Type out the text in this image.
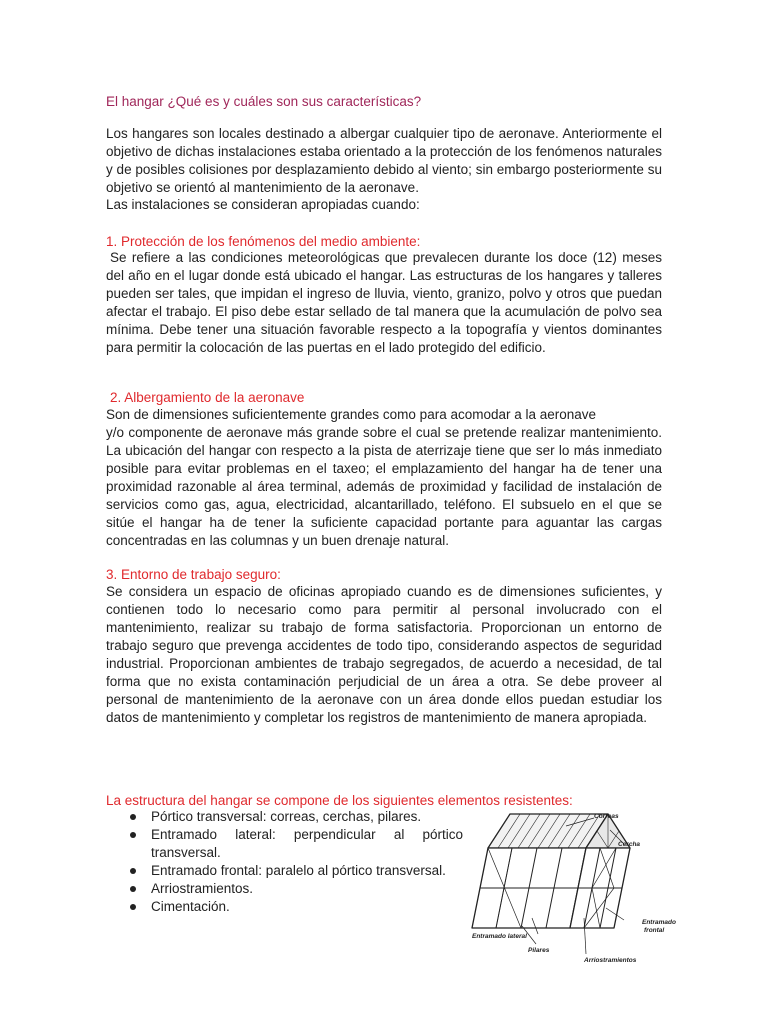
El hangar ¿Qué es y cuáles son sus características?

Los hangares son locales destinado a albergar cualquier tipo de aeronave. Anteriormente el objetivo de dichas instalaciones estaba orientado a la protección de los fenómenos naturales y de posibles colisiones por desplazamiento debido al viento; sin embargo posteriormente su objetivo se orientó al mantenimiento de la aeronave.

Las instalaciones se consideran apropiadas cuando:

1. Protección de los fenómenos del medio ambiente:

Se refiere a las condiciones meteorológicas que prevalecen durante los doce (12) meses del año en el lugar donde está ubicado el hangar. Las estructuras de los hangares y talleres pueden ser tales, que impidan el ingreso de lluvia, viento, granizo, polvo y otros que puedan afectar el trabajo. El piso debe estar sellado de tal manera que la acumulación de polvo sea mínima. Debe tener una situación favorable respecto a la topografía y vientos dominantes para permitir la colocación de las puertas en el lado protegido del edificio.

2. Albergamiento de la aeronave

Son de dimensiones suficientemente grandes como para acomodar a la aeronave

y/o componente de aeronave más grande sobre el cual se pretende realizar mantenimiento. La ubicación del hangar con respecto a la pista de aterrizaje tiene que ser lo más inmediato posible para evitar problemas en el taxeo; el emplazamiento del hangar ha de tener una proximidad razonable al área terminal, además de proximidad y facilidad de instalación de servicios como gas, agua, electricidad, alcantarillado, teléfono. El subsuelo en el que se sitúe el hangar ha de tener la suficiente capacidad portante para aguantar las cargas concentradas en las columnas y un buen drenaje natural.

3. Entorno de trabajo seguro:

Se considera un espacio de oficinas apropiado cuando es de dimensiones suficientes, y contienen todo lo necesario como para permitir al personal involucrado con el mantenimiento, realizar su trabajo de forma satisfactoria. Proporcionan un entorno de trabajo seguro que prevenga accidentes de todo tipo, considerando aspectos de seguridad industrial. Proporcionan ambientes de trabajo segregados, de acuerdo a necesidad, de tal forma que no exista contaminación perjudicial de un área a otra. Se debe proveer al personal de mantenimiento de la aeronave con un área donde ellos puedan estudiar los datos de mantenimiento y completar los registros de mantenimiento de manera apropiada.

La estructura del hangar se compone de los siguientes elementos resistentes:
Pórtico transversal: correas, cerchas, pilares.
Entramado lateral: perpendicular al pórtico transversal.
Entramado frontal: paralelo al pórtico transversal.
Arriostramientos.
Cimentación.
Correas
Cercha
Entramado
frontal
Entramado lateral
Pilares
Arriostramientos
